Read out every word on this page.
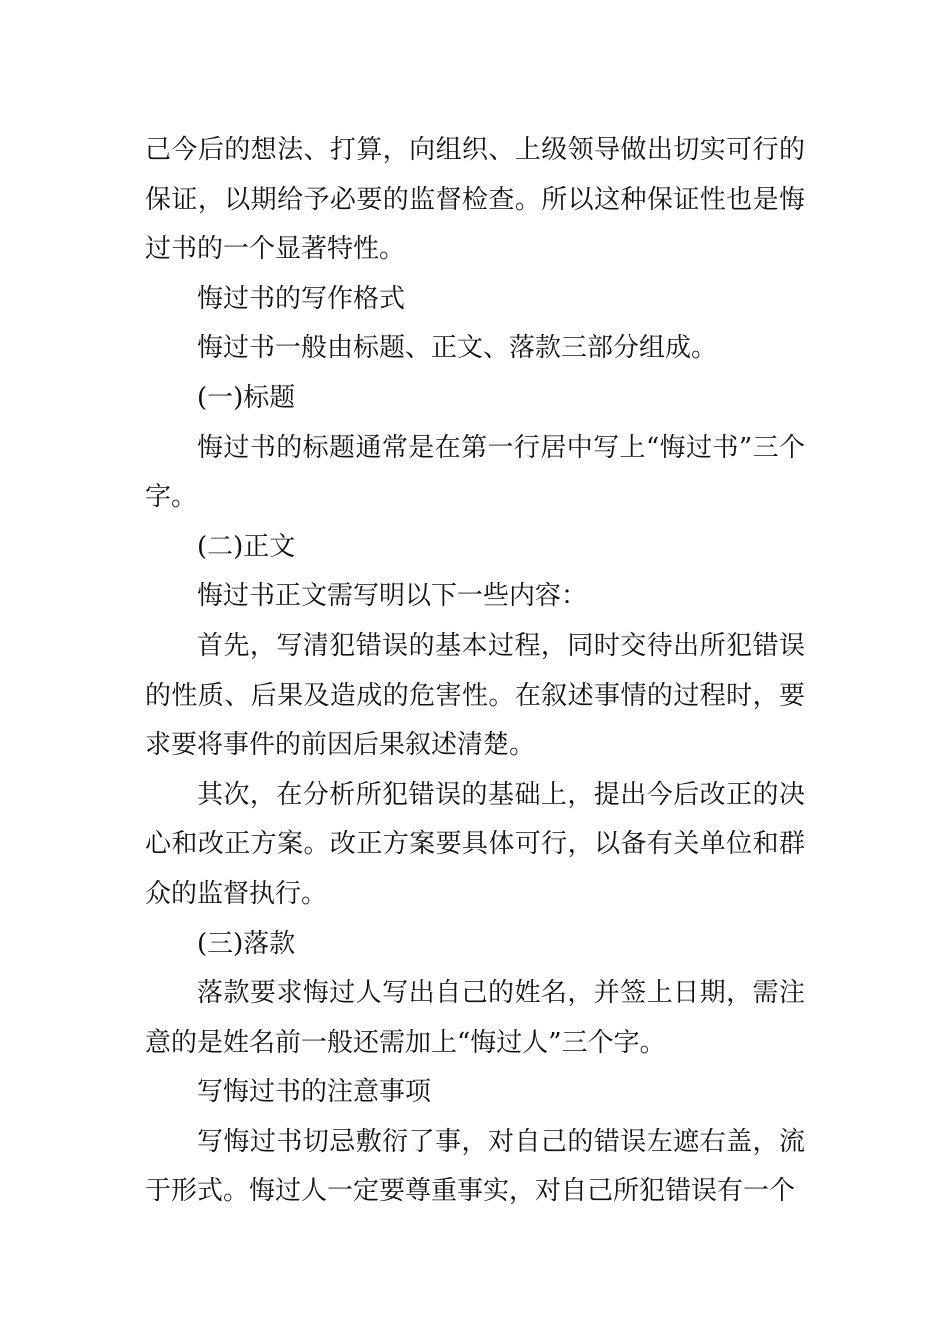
己今后的想法、打算，向组织、上级领导做出切实可行的保证，以期给予必要的监督检查。所以这种保证性也是悔过书的一个显著特性。

悔过书的写作格式

悔过书一般由标题、正文、落款三部分组成。

(一)标题

悔过书的标题通常是在第一行居中写上“悔过书”三个字。

(二)正文

悔过书正文需写明以下一些内容：

首先，写清犯错误的基本过程，同时交待出所犯错误的性质、后果及造成的危害性。在叙述事情的过程时，要求要将事件的前因后果叙述清楚。

其次，在分析所犯错误的基础上，提出今后改正的决心和改正方案。改正方案要具体可行，以备有关单位和群众的监督执行。

(三)落款

落款要求悔过人写出自己的姓名，并签上日期，需注意的是姓名前一般还需加上“悔过人”三个字。

写悔过书的注意事项

写悔过书切忌敷衍了事，对自己的错误左遮右盖，流于形式。悔过人一定要尊重事实，对自己所犯错误有一个
